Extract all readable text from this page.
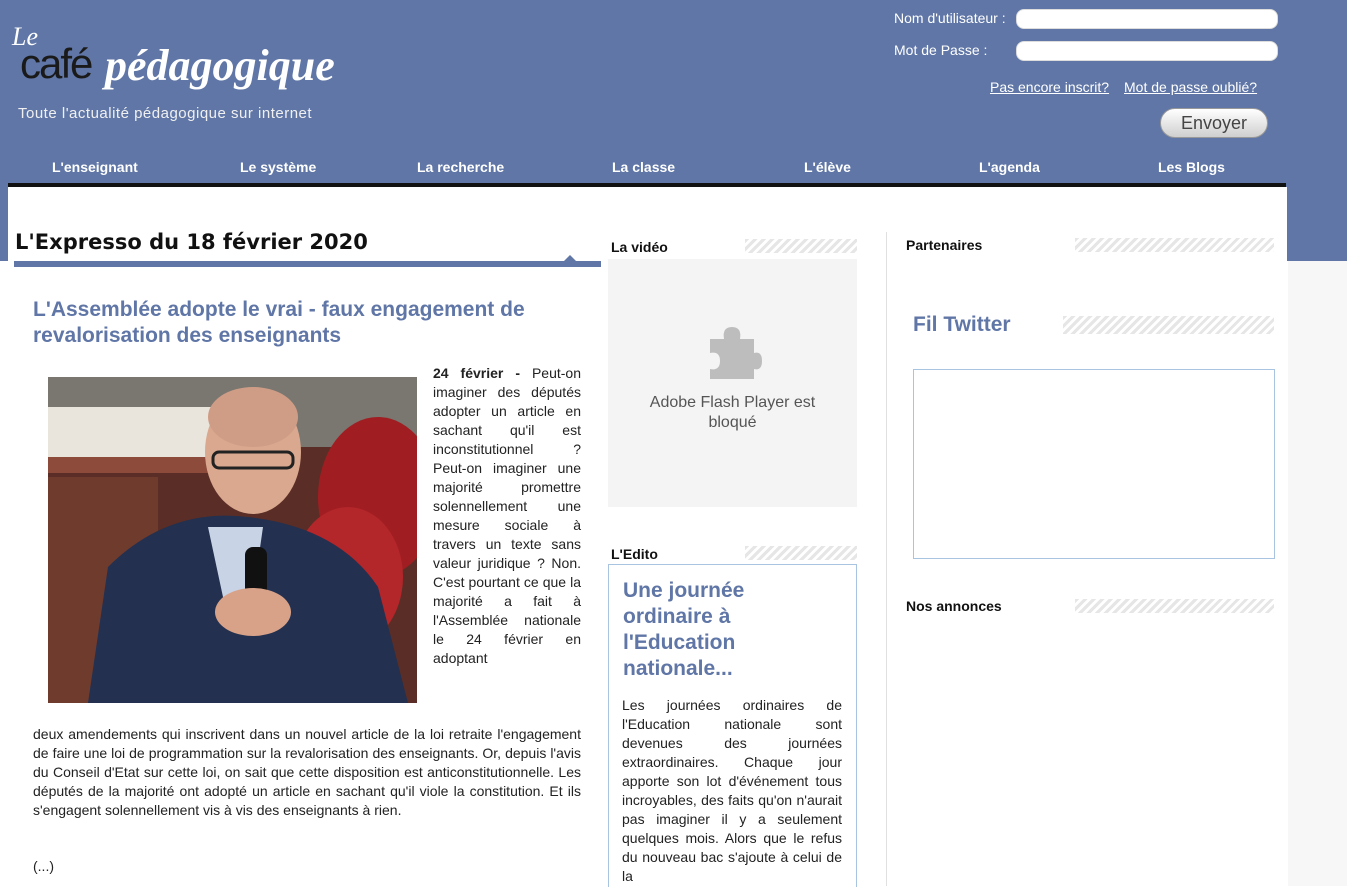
Le
café pédagogique
Toute l'actualité pédagogique sur internet
Nom d'utilisateur :
Mot de Passe :
Pas encore inscrit? Mot de passe oublié?
Envoyer
L'enseignant	Le système	La recherche	La classe	L'élève	L'agenda	Les Blogs
L'Expresso du 18 février 2020
L'Assemblée adopte le vrai - faux engagement de revalorisation des enseignants
24 février - Peut-on imaginer des députés adopter un article en sachant qu'il est inconstitutionnel ? Peut-on imaginer une majorité promettre solennellement une mesure sociale à travers un texte sans valeur juridique ? Non. C'est pourtant ce que la majorité a fait à l'Assemblée nationale le 24 février en adoptant
deux amendements qui inscrivent dans un nouvel article de la loi retraite l'engagement de faire une loi de programmation sur la revalorisation des enseignants. Or, depuis l'avis du Conseil d'Etat sur cette loi, on sait que cette disposition est anticonstitutionnelle. Les députés de la majorité ont adopté un article en sachant qu'il viole la constitution. Et ils s'engagent solennellement vis à vis des enseignants à rien.
(...)
La vidéo
Adobe Flash Player est bloqué
L'Edito
Une journée ordinaire à l'Education nationale...
Les journées ordinaires de l'Education nationale sont devenues des journées extraordinaires. Chaque jour apporte son lot d'événement tous incroyables, des faits qu'on n'aurait pas imaginer il y a seulement quelques mois. Alors que le refus du nouveau bac s'ajoute à celui de la
Partenaires
Fil Twitter
Nos annonces
